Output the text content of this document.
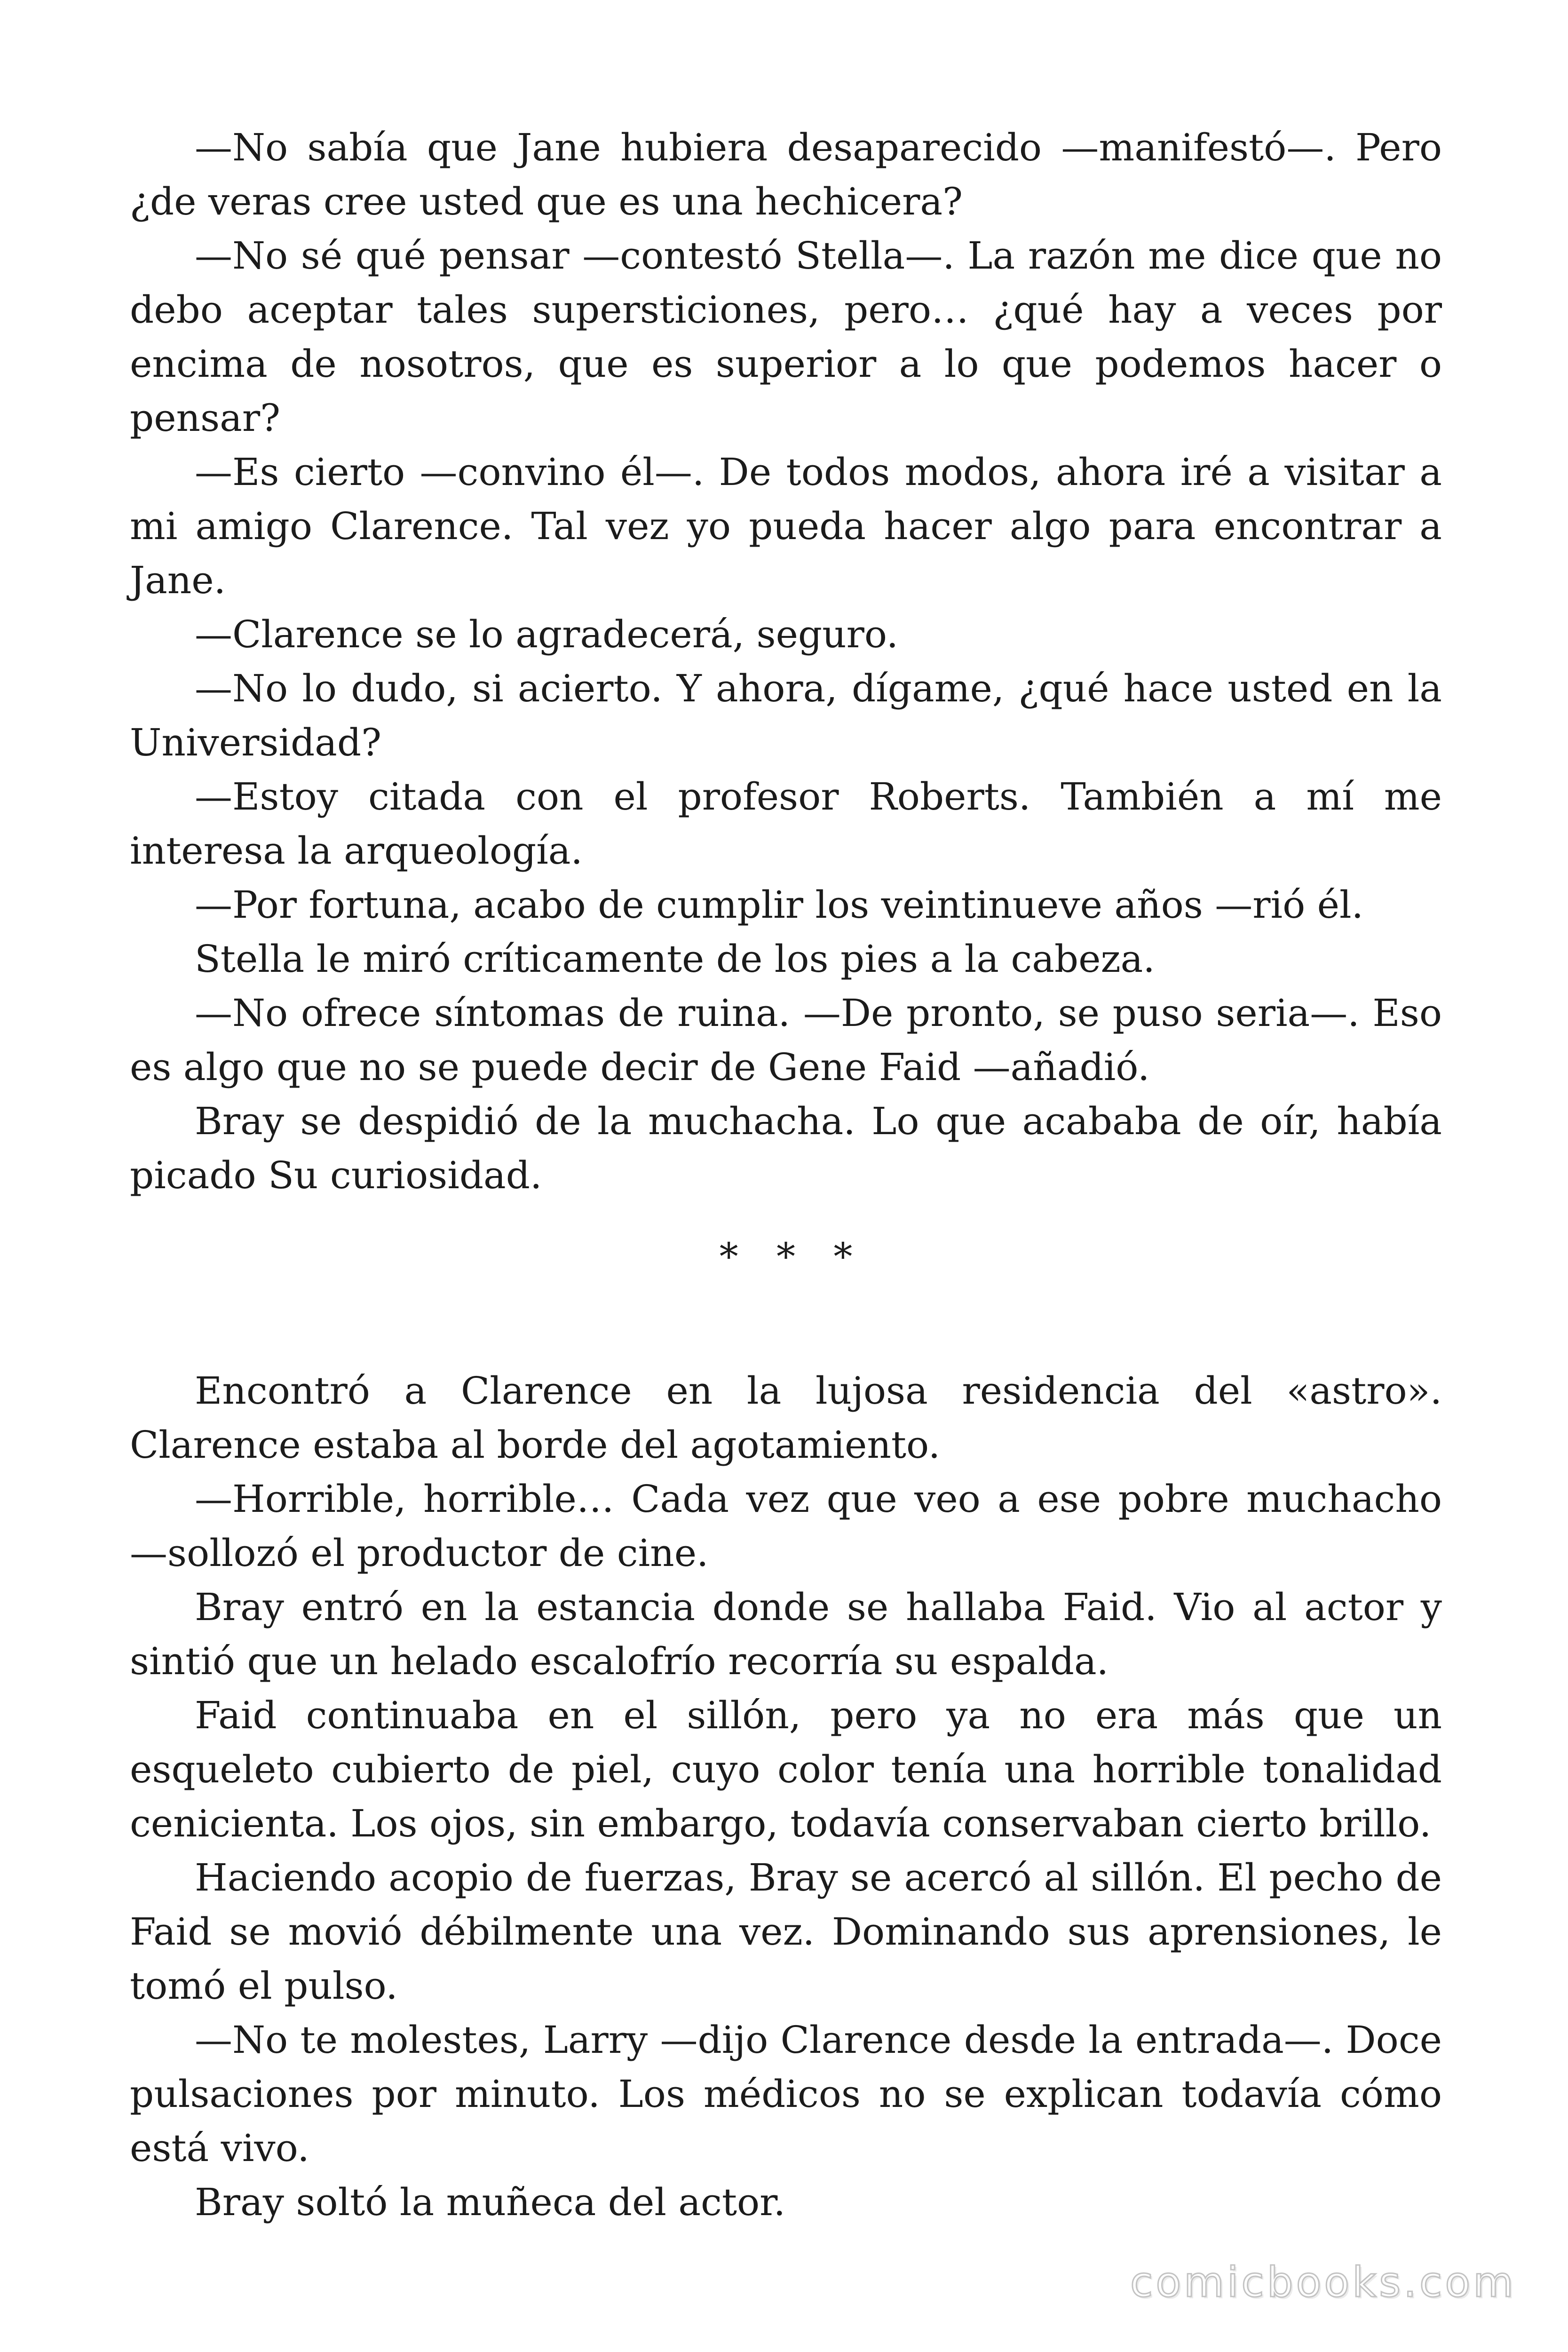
—No sabía que Jane hubiera desaparecido —manifestó—. Pero ¿de veras cree usted que es una hechicera?

—No sé qué pensar —contestó Stella—. La razón me dice que no debo aceptar tales supersticiones, pero… ¿qué hay a veces por encima de nosotros, que es superior a lo que podemos hacer o pensar?

—Es cierto —convino él—. De todos modos, ahora iré a visitar a mi amigo Clarence. Tal vez yo pueda hacer algo para encontrar a Jane.

—Clarence se lo agradecerá, seguro.

—No lo dudo, si acierto. Y ahora, dígame, ¿qué hace usted en la Universidad?

—Estoy citada con el profesor Roberts. También a mí me interesa la arqueología.

—Por fortuna, acabo de cumplir los veintinueve años —rió él.

Stella le miró críticamente de los pies a la cabeza.

—No ofrece síntomas de ruina. —De pronto, se puso seria—. Eso es algo que no se puede decir de Gene Faid —añadió.

Bray se despidió de la muchacha. Lo que acababa de oír, había picado Su curiosidad.

* * *

Encontró a Clarence en la lujosa residencia del «astro». Clarence estaba al borde del agotamiento.

—Horrible, horrible… Cada vez que veo a ese pobre muchacho —sollozó el productor de cine.

Bray entró en la estancia donde se hallaba Faid. Vio al actor y sintió que un helado escalofrío recorría su espalda.

Faid continuaba en el sillón, pero ya no era más que un esqueleto cubierto de piel, cuyo color tenía una horrible tonalidad cenicienta. Los ojos, sin embargo, todavía conservaban cierto brillo.

Haciendo acopio de fuerzas, Bray se acercó al sillón. El pecho de Faid se movió débilmente una vez. Dominando sus aprensiones, le tomó el pulso.

—No te molestes, Larry —dijo Clarence desde la entrada—. Doce pulsaciones por minuto. Los médicos no se explican todavía cómo está vivo.

Bray soltó la muñeca del actor.

comicbooks.com
